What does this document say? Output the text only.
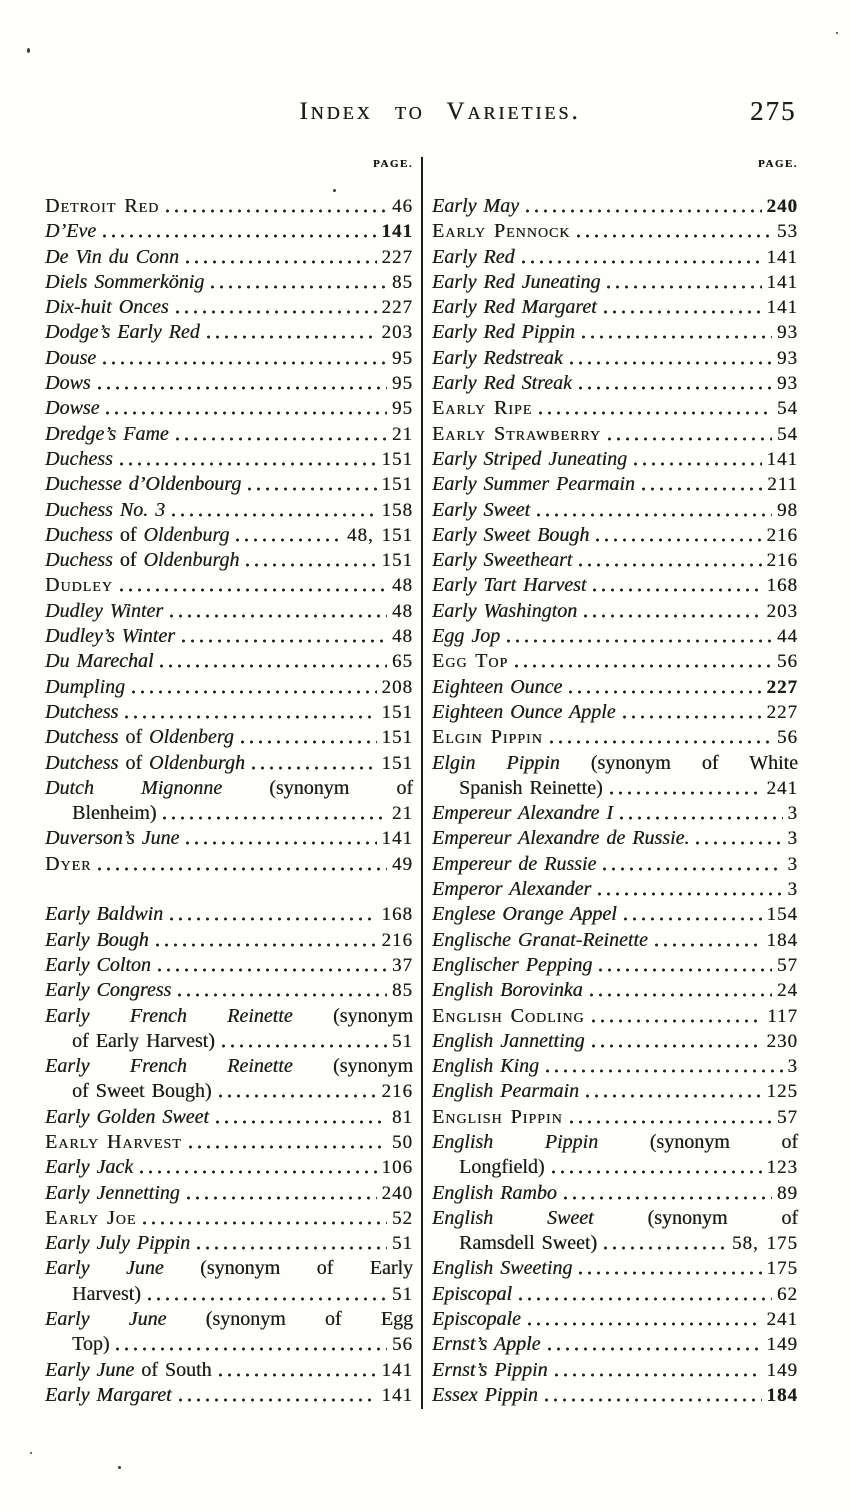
Index to Varieties.	275
PAGE.	PAGE.
Detroit Red	46
D’Eve	141
De Vin du Conn	227
Diels Sommerkönig	85
Dix-huit Onces	227
Dodge’s Early Red	203
Douse	95
Dows	95
Dowse	95
Dredge’s Fame	21
Duchess	151
Duchesse d’Oldenbourg	151
Duchess No. 3	158
Duchess of Oldenburg	48, 151
Duchess of Oldenburgh	151
Dudley	48
Dudley Winter	48
Dudley’s Winter	48
Du Marechal	65
Dumpling	208
Dutchess	151
Dutchess of Oldenberg	151
Dutchess of Oldenburgh	151
Dutch Mignonne (synonym of
Blenheim)	21
Duverson’s June	141
Dyer	49
Early Baldwin	168
Early Bough	216
Early Colton	37
Early Congress	85
Early French Reinette (synonym
of Early Harvest)	51
Early French Reinette (synonym
of Sweet Bough)	216
Early Golden Sweet	81
Early Harvest	50
Early Jack	106
Early Jennetting	240
Early Joe	52
Early July Pippin	51
Early June (synonym of Early
Harvest)	51
Early June (synonym of Egg
Top)	56
Early June of South	141
Early Margaret	141
Early May	240
Early Pennock	53
Early Red	141
Early Red Juneating	141
Early Red Margaret	141
Early Red Pippin	93
Early Redstreak	93
Early Red Streak	93
Early Ripe	54
Early Strawberry	54
Early Striped Juneating	141
Early Summer Pearmain	211
Early Sweet	98
Early Sweet Bough	216
Early Sweetheart	216
Early Tart Harvest	168
Early Washington	203
Egg Jop	44
Egg Top	56
Eighteen Ounce	227
Eighteen Ounce Apple	227
Elgin Pippin	56
Elgin Pippin (synonym of White
Spanish Reinette)	241
Empereur Alexandre I	3
Empereur Alexandre de Russie.	3
Empereur de Russie	3
Emperor Alexander	3
Englese Orange Appel	154
Englische Granat-Reinette	184
Englischer Pepping	57
English Borovinka	24
English Codling	117
English Jannetting	230
English King	3
English Pearmain	125
English Pippin	57
English Pippin (synonym of
Longfield)	123
English Rambo	89
English Sweet (synonym of
Ramsdell Sweet)	58, 175
English Sweeting	175
Episcopal	62
Episcopale	241
Ernst’s Apple	149
Ernst’s Pippin	149
Essex Pippin	184
